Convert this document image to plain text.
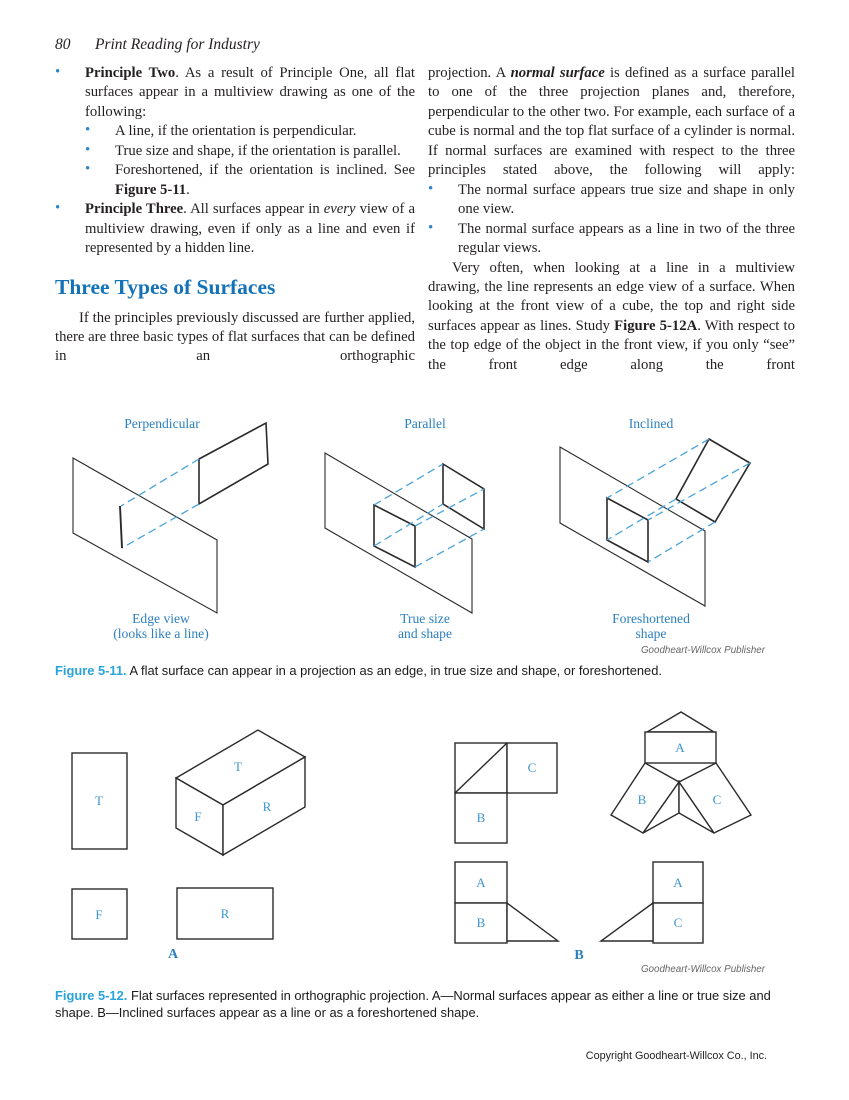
80 Print Reading for Industry
• Principle Two. As a result of Principle One, all flat surfaces appear in a multiview drawing as one of the following:
• A line, if the orientation is perpendicular.
• True size and shape, if the orientation is parallel.
• Foreshortened, if the orientation is inclined. See Figure 5-11.
• Principle Three. All surfaces appear in every view of a multiview drawing, even if only as a line and even if represented by a hidden line.
Three Types of Surfaces
If the principles previously discussed are further applied, there are three basic types of flat surfaces that can be defined in an orthographic
projection. A normal surface is defined as a surface parallel to one of the three projection planes and, therefore, perpendicular to the other two. For example, each surface of a cube is normal and the top flat surface of a cylinder is normal. If normal surfaces are examined with respect to the three principles stated above, the following will apply:
• The normal surface appears true size and shape in only one view.
• The normal surface appears as a line in two of the three regular views.
Very often, when looking at a line in a multiview drawing, the line represents an edge view of a surface. When looking at the front view of a cube, the top and right side surfaces appear as lines. Study Figure 5-12A. With respect to the top edge of the object in the front view, if you only “see” the front edge along the front
Perpendicular
Edge view
(looks like a line)
Parallel
True size
and shape
Inclined
Foreshortened
shape
Goodheart-Willcox Publisher
Figure 5-11. A flat surface can appear in a projection as an edge, in true size and shape, or foreshortened.
T
T
F
R
F	R
A
C
B
A
B	C
A
B
A
C
B
Goodheart-Willcox Publisher
Figure 5-12. Flat surfaces represented in orthographic projection. A—Normal surfaces appear as either a line or true size and shape. B—Inclined surfaces appear as a line or as a foreshortened shape.
Copyright Goodheart-Willcox Co., Inc.
